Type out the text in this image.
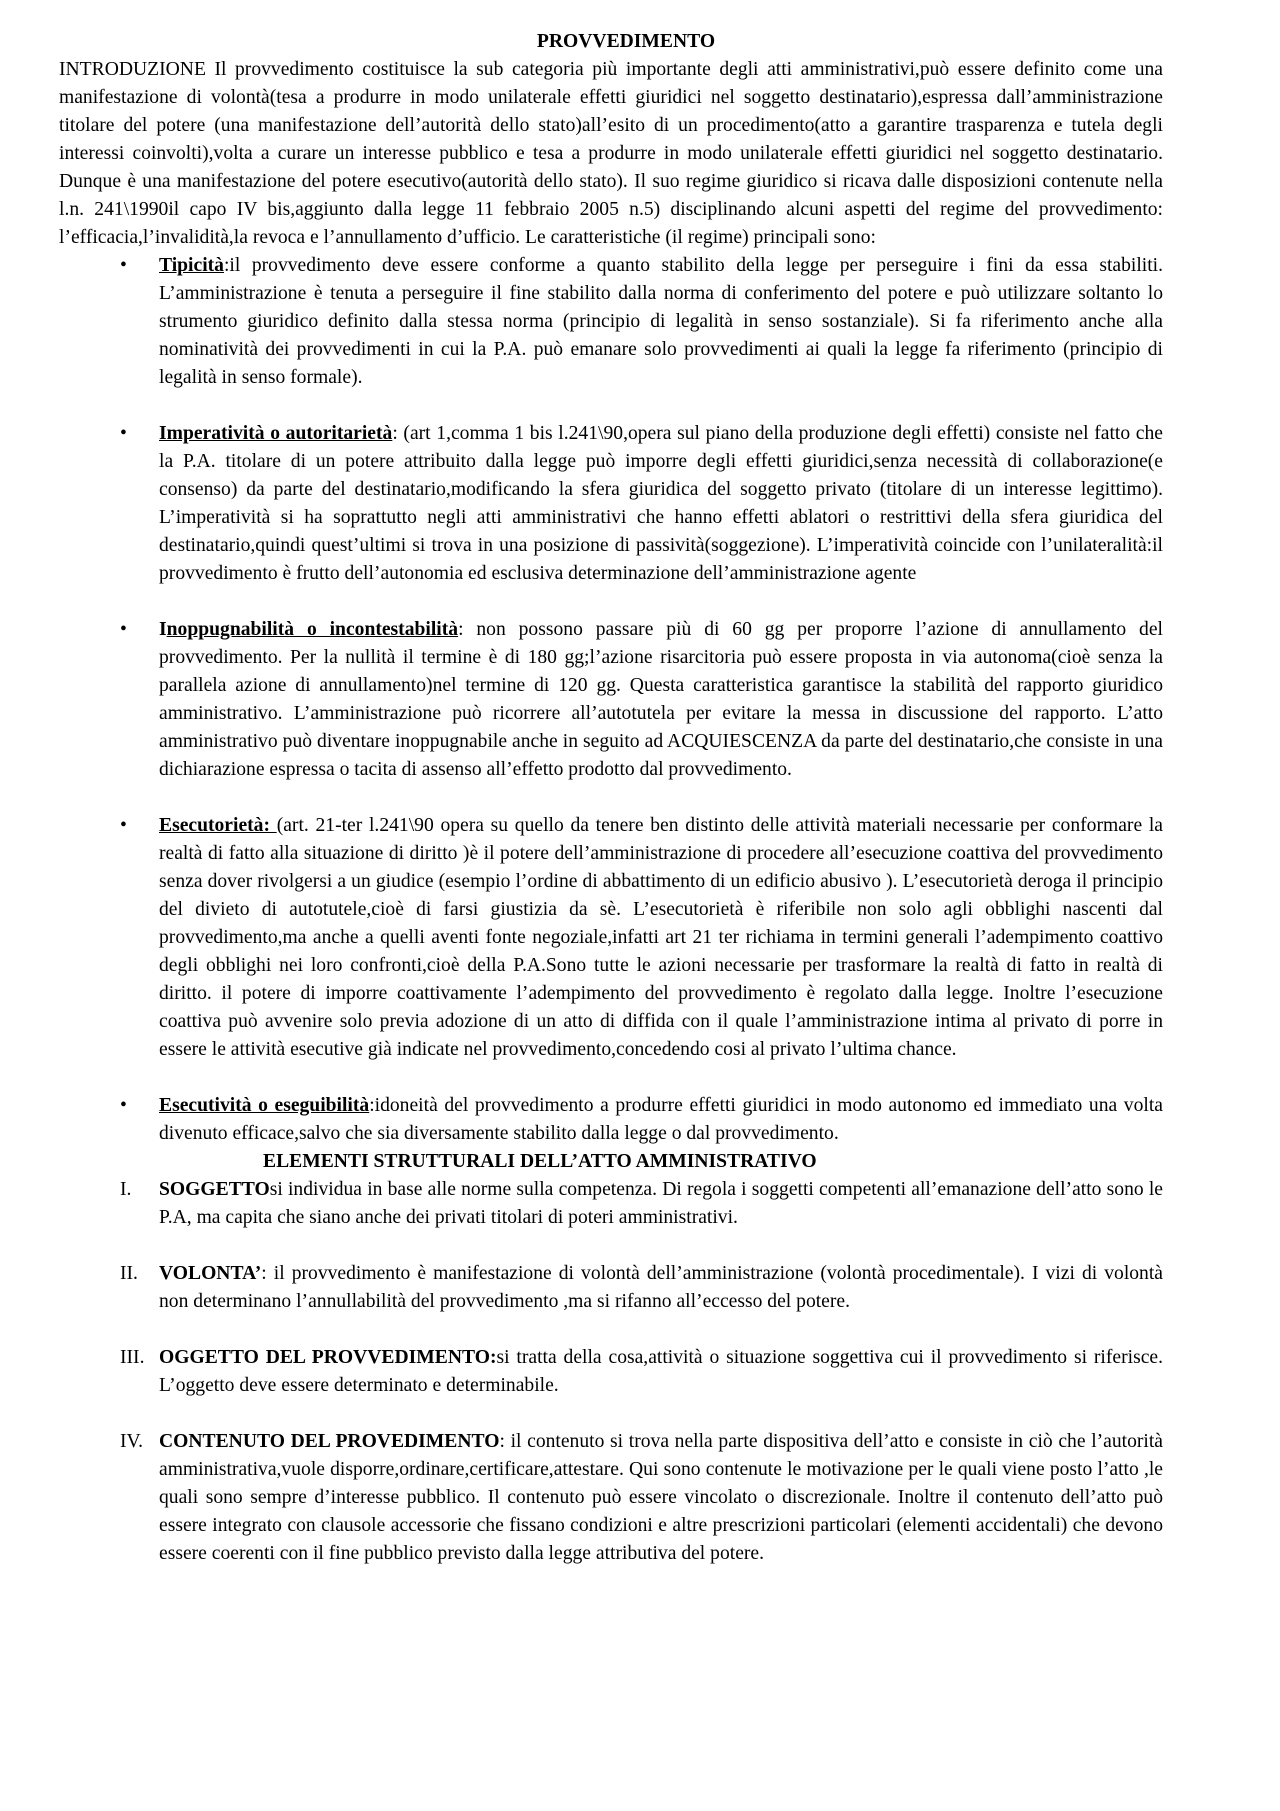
PROVVEDIMENTO

INTRODUZIONE Il provvedimento costituisce la sub categoria più importante degli atti amministrativi,può essere definito come una manifestazione di volontà(tesa a produrre in modo unilaterale effetti giuridici nel soggetto destinatario),espressa dall’amministrazione titolare del potere (una manifestazione dell’autorità dello stato)all’esito di un procedimento(atto a garantire trasparenza e tutela degli interessi coinvolti),volta a curare un interesse pubblico e tesa a produrre in modo unilaterale effetti giuridici nel soggetto destinatario. Dunque è una manifestazione del potere esecutivo(autorità dello stato). Il suo regime giuridico si ricava dalle disposizioni contenute nella l.n. 241\1990il capo IV bis,aggiunto dalla legge 11 febbraio 2005 n.5) disciplinando alcuni aspetti del regime del provvedimento: l’efficacia,l’invalidità,la revoca e l’annullamento d’ufficio. Le caratteristiche (il regime) principali sono:

• Tipicità:il provvedimento deve essere conforme a quanto stabilito della legge per perseguire i fini da essa stabiliti. L’amministrazione è tenuta a perseguire il fine stabilito dalla norma di conferimento del potere e può utilizzare soltanto lo strumento giuridico definito dalla stessa norma (principio di legalità in senso sostanziale). Si fa riferimento anche alla nominatività dei provvedimenti in cui la P.A. può emanare solo provvedimenti ai quali la legge fa riferimento (principio di legalità in senso formale).
• Imperatività o autoritarietà: (art 1,comma 1 bis l.241\90,opera sul piano della produzione degli effetti) consiste nel fatto che la P.A. titolare di un potere attribuito dalla legge può imporre degli effetti giuridici,senza necessità di collaborazione(e consenso) da parte del destinatario,modificando la sfera giuridica del soggetto privato (titolare di un interesse legittimo). L’imperatività si ha soprattutto negli atti amministrativi che hanno effetti ablatori o restrittivi della sfera giuridica del destinatario,quindi quest’ultimi si trova in una posizione di passività(soggezione). L’imperatività coincide con l’unilateralità:il provvedimento è frutto dell’autonomia ed esclusiva determinazione dell’amministrazione agente
• Inoppugnabilità o incontestabilità: non possono passare più di 60 gg per proporre l’azione di annullamento del provvedimento. Per la nullità il termine è di 180 gg;l’azione risarcitoria può essere proposta in via autonoma(cioè senza la parallela azione di annullamento)nel termine di 120 gg. Questa caratteristica garantisce la stabilità del rapporto giuridico amministrativo. L’amministrazione può ricorrere all’autotutela per evitare la messa in discussione del rapporto. L’atto amministrativo può diventare inoppugnabile anche in seguito ad ACQUIESCENZA da parte del destinatario,che consiste in una dichiarazione espressa o tacita di assenso all’effetto prodotto dal provvedimento.
• Esecutorietà: (art. 21-ter l.241\90 opera su quello da tenere ben distinto delle attività materiali necessarie per conformare la realtà di fatto alla situazione di diritto )è il potere dell’amministrazione di procedere all’esecuzione coattiva del provvedimento senza dover rivolgersi a un giudice (esempio l’ordine di abbattimento di un edificio abusivo ). L’esecutorietà deroga il principio del divieto di autotutele,cioè di farsi giustizia da sè. L’esecutorietà è riferibile non solo agli obblighi nascenti dal provvedimento,ma anche a quelli aventi fonte negoziale,infatti art 21 ter richiama in termini generali l’adempimento coattivo degli obblighi nei loro confronti,cioè della P.A.Sono tutte le azioni necessarie per trasformare la realtà di fatto in realtà di diritto. il potere di imporre coattivamente l’adempimento del provvedimento è regolato dalla legge. Inoltre l’esecuzione coattiva può avvenire solo previa adozione di un atto di diffida con il quale l’amministrazione intima al privato di porre in essere le attività esecutive già indicate nel provvedimento,concedendo cosi al privato l’ultima chance.
• Esecutività o eseguibilità:idoneità del provvedimento a produrre effetti giuridici in modo autonomo ed immediato una volta divenuto efficace,salvo che sia diversamente stabilito dalla legge o dal provvedimento.

ELEMENTI STRUTTURALI DELL’ATTO AMMINISTRATIVO

I.	SOGGETTOsi individua in base alle norme sulla competenza. Di regola i soggetti competenti all’emanazione dell’atto sono le P.A, ma capita che siano anche dei privati titolari di poteri amministrativi.
II.	VOLONTA’: il provvedimento è manifestazione di volontà dell’amministrazione (volontà procedimentale). I vizi di volontà non determinano l’annullabilità del provvedimento ,ma si rifanno all’eccesso del potere.
III. OGGETTO DEL PROVVEDIMENTO:si tratta della cosa,attività o situazione soggettiva cui il provvedimento si riferisce. L’oggetto deve essere determinato e determinabile.
IV. CONTENUTO DEL PROVEDIMENTO: il contenuto si trova nella parte dispositiva dell’atto e consiste in ciò che l’autorità amministrativa,vuole disporre,ordinare,certificare,attestare. Qui sono contenute le motivazione per le quali viene posto l’atto ,le quali sono sempre d’interesse pubblico. Il contenuto può essere vincolato o discrezionale. Inoltre il contenuto dell’atto può essere integrato con clausole accessorie che fissano condizioni e altre prescrizioni particolari (elementi accidentali) che devono essere coerenti con il fine pubblico previsto dalla legge attributiva del potere.
